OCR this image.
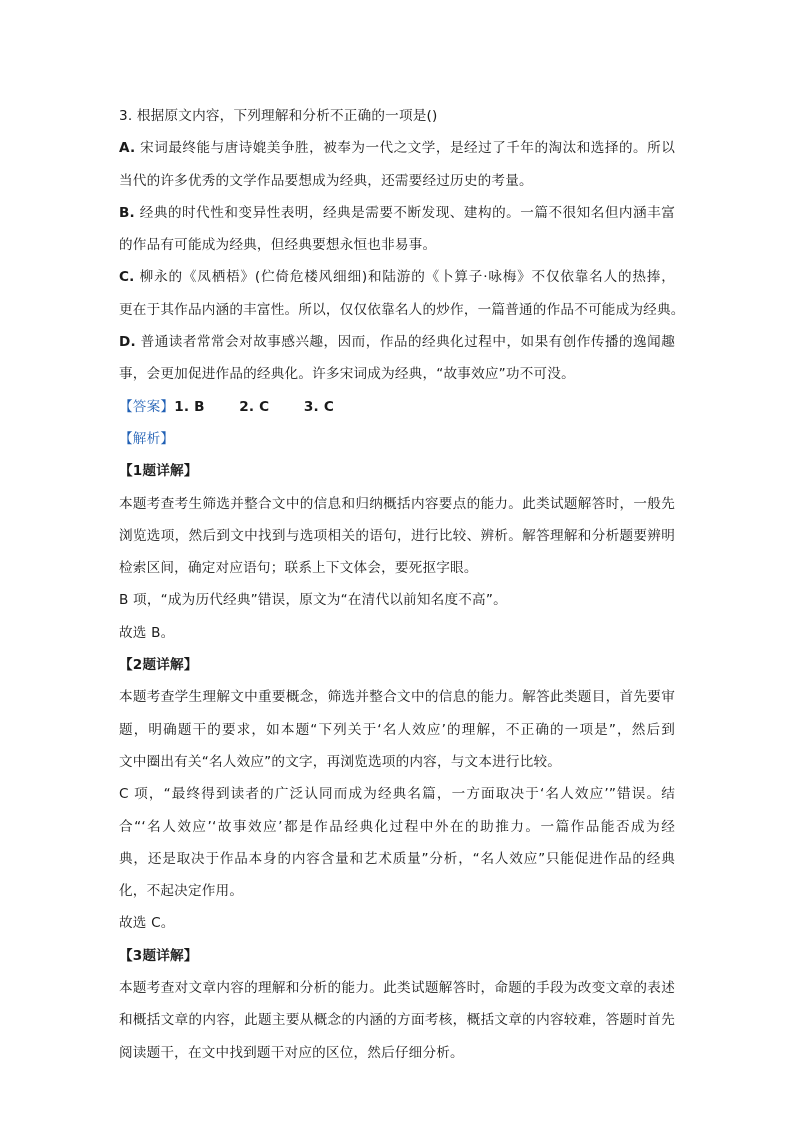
3. 根据原文内容，下列理解和分析不正确的一项是()
A. 宋词最终能与唐诗媲美争胜，被奉为一代之文学，是经过了千年的淘汰和选择的。所以
当代的许多优秀的文学作品要想成为经典，还需要经过历史的考量。
B. 经典的时代性和变异性表明，经典是需要不断发现、建构的。一篇不很知名但内涵丰富
的作品有可能成为经典，但经典要想永恒也非易事。
C. 柳永的《凤栖梧》(伫倚危楼风细细)和陆游的《卜算子·咏梅》不仅依靠名人的热捧，
更在于其作品内涵的丰富性。所以，仅仅依靠名人的炒作，一篇普通的作品不可能成为经典。
D. 普通读者常常会对故事感兴趣，因而，作品的经典化过程中，如果有创作传播的逸闻趣
事，会更加促进作品的经典化。许多宋词成为经典，“故事效应”功不可没。
【答案】1. B       2. C       3. C
【解析】
【1题详解】
本题考查考生筛选并整合文中的信息和归纳概括内容要点的能力。此类试题解答时，一般先
浏览选项，然后到文中找到与选项相关的语句，进行比较、辨析。解答理解和分析题要辨明
检索区间，确定对应语句；联系上下文体会，要死抠字眼。
B 项，“成为历代经典”错误，原文为“在清代以前知名度不高”。
故选 B。
【2题详解】
本题考查学生理解文中重要概念，筛选并整合文中的信息的能力。解答此类题目，首先要审
题，明确题干的要求，如本题“下列关于‘名人效应’的理解，不正确的一项是”，然后到
文中圈出有关“名人效应”的文字，再浏览选项的内容，与文本进行比较。
C 项，“最终得到读者的广泛认同而成为经典名篇，一方面取决于‘名人效应’”错误。结
合“‘名人效应’‘故事效应’都是作品经典化过程中外在的助推力。一篇作品能否成为经
典，还是取决于作品本身的内容含量和艺术质量”分析，“名人效应”只能促进作品的经典
化，不起决定作用。
故选 C。
【3题详解】
本题考查对文章内容的理解和分析的能力。此类试题解答时，命题的手段为改变文章的表述
和概括文章的内容，此题主要从概念的内涵的方面考核，概括文章的内容较难，答题时首先
阅读题干，在文中找到题干对应的区位，然后仔细分析。
